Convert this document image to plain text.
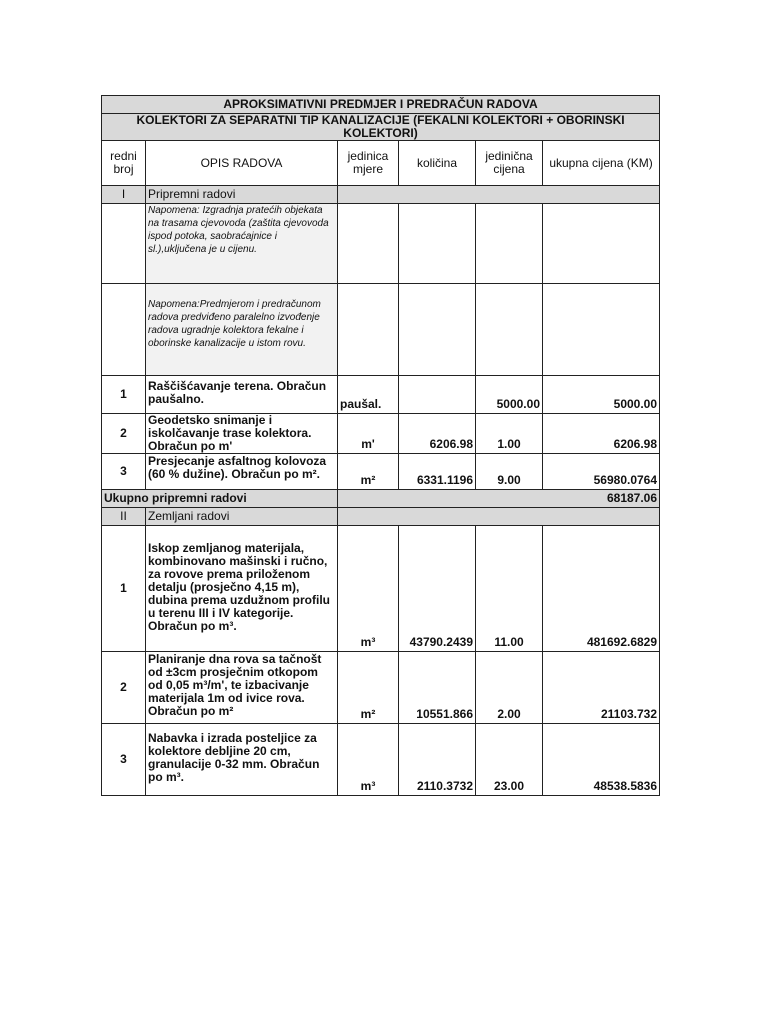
APROKSIMATIVNI PREDMJER I PREDRAČUN RADOVA					
KOLEKTORI ZA SEPARATNI TIP KANALIZACIJE (FEKALNI KOLEKTORI + OBORINSKI KOLEKTORI)					
redni broj	OPIS RADOVA	jedinica mjere	količina	jedinična cijena	ukupna cijena (KM)
I	Pripremni radovi				
	Napomena: Izgradnja pratećih objekata na trasama cjevovoda (zaštita cjevovoda ispod potoka, saobraćajnice i sl.),uključena je u cijenu.				
	Napomena:Predmjerom i predračunom radova predviđeno paralelno izvođenje radova ugradnje kolektora fekalne i oborinske kanalizacije u istom rovu.				
1	Raščišćavanje terena. Obračun paušalno.	paušal.		5000.00	5000.00
2	Geodetsko snimanje i iskolčavanje trase kolektora. Obračun po m'	m'	6206.98	1.00	6206.98
3	Presjecanje asfaltnog kolovoza (60 % dužine). Obračun po m².	m²	6331.1196	9.00	56980.0764
Ukupno pripremni radovi		68187.06			
II	Zemljani radovi				
1	Iskop zemljanog materijala, kombinovano mašinski i ručno, za rovove prema priloženom detalju (prosječno 4,15 m), dubina prema uzdužnom profilu u terenu III i IV kategorije. Obračun po m³.	m³	43790.2439	11.00	481692.6829
2	Planiranje dna rova sa tačnošt od ±3cm prosječnim otkopom od 0,05 m³/m', te izbacivanje materijala 1m od ivice rova. Obračun po m²	m²	10551.866	2.00	21103.732
3	Nabavka i izrada posteljice za kolektore debljine 20 cm, granulacije 0-32 mm. Obračun po m³.	m³	2110.3732	23.00	48538.5836
